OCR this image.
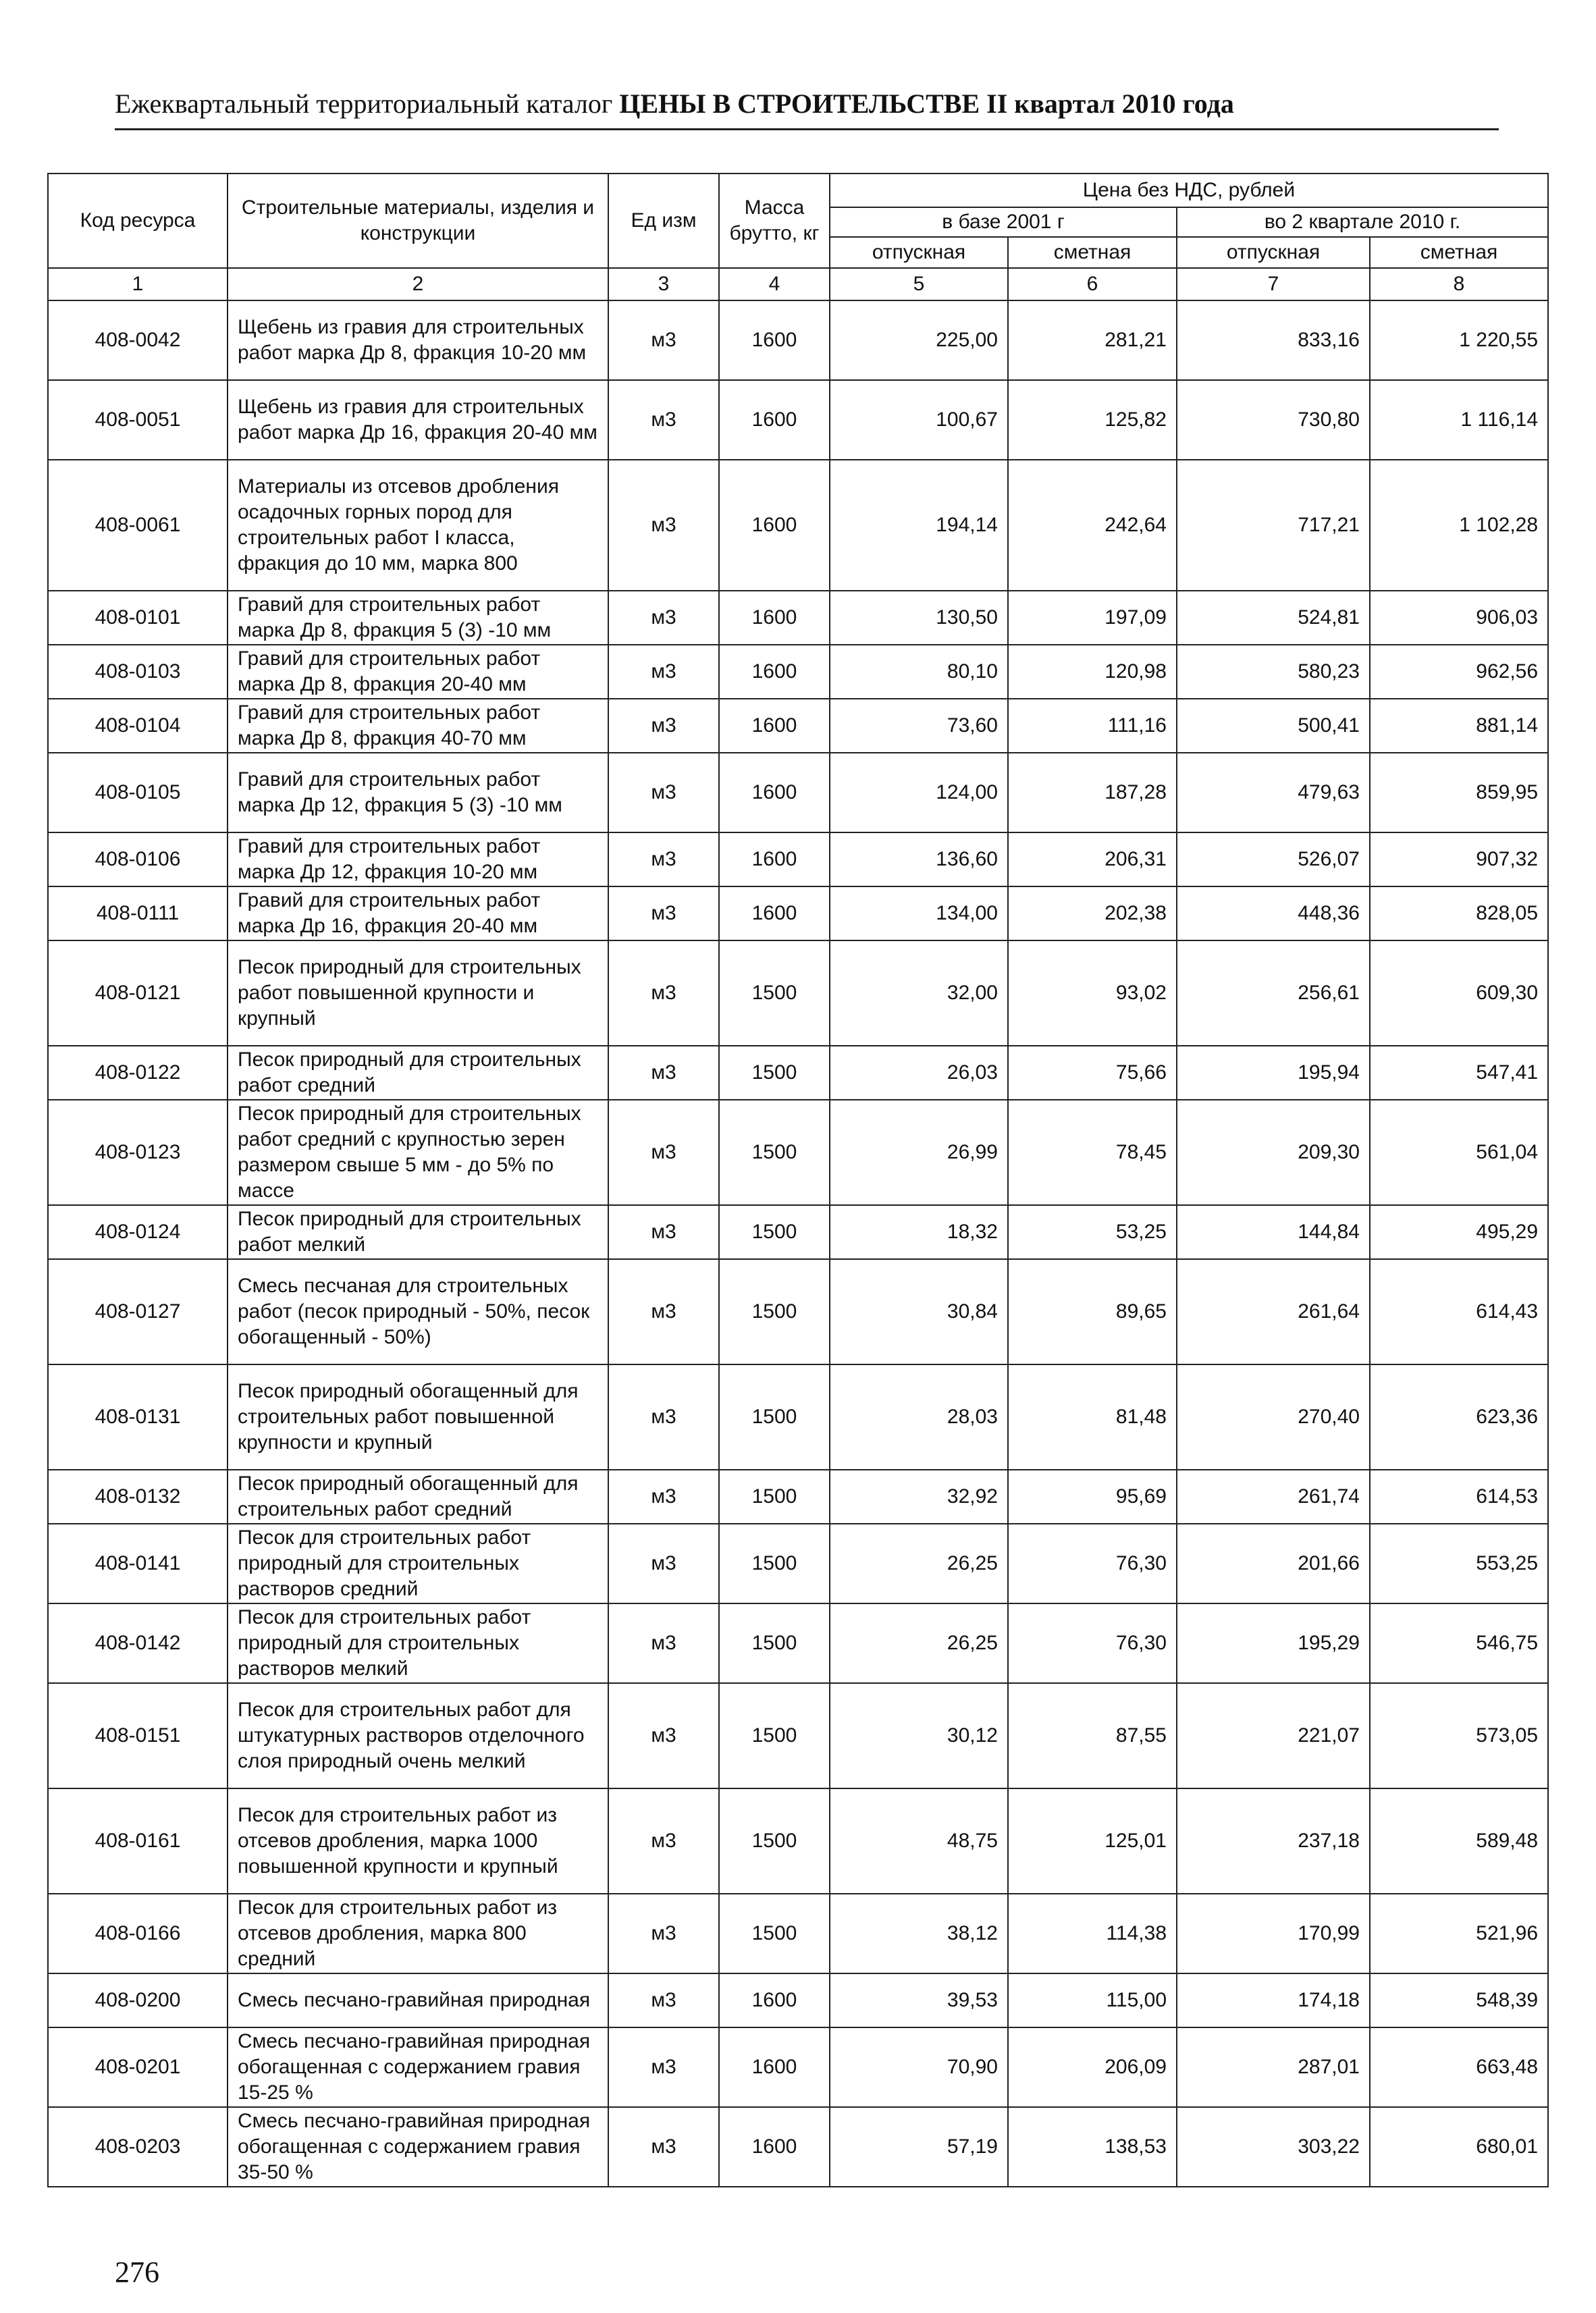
Ежеквартальный территориальный каталог ЦЕНЫ В СТРОИТЕЛЬСТВЕ II квартал 2010 года
Код ресурса	Строительные материалы, изделия и конструкции	Ед изм	Масса брутто, кг	Цена без НДС, рублей			
				в базе 2001 г		во 2 квартале 2010 г.	
				отпускная	сметная	отпускная	сметная
1	2	3	4	5	6	7	8
408-0042	Щебень из гравия для строительных работ марка Др 8, фракция 10-20 мм	м3	1600	225,00	281,21	833,16	1 220,55
408-0051	Щебень из гравия для строительных работ марка Др 16, фракция 20-40 мм	м3	1600	100,67	125,82	730,80	1 116,14
408-0061	Материалы из отсевов дробления осадочных горных пород для строительных работ I класса, фракция до 10 мм, марка 800	м3	1600	194,14	242,64	717,21	1 102,28
408-0101	Гравий для строительных работ марка Др 8, фракция 5 (3) -10 мм	м3	1600	130,50	197,09	524,81	906,03
408-0103	Гравий для строительных работ марка Др 8, фракция 20-40 мм	м3	1600	80,10	120,98	580,23	962,56
408-0104	Гравий для строительных работ марка Др 8, фракция 40-70 мм	м3	1600	73,60	111,16	500,41	881,14
408-0105	Гравий для строительных работ марка Др 12, фракция 5 (3) -10 мм	м3	1600	124,00	187,28	479,63	859,95
408-0106	Гравий для строительных работ марка Др 12, фракция 10-20 мм	м3	1600	136,60	206,31	526,07	907,32
408-0111	Гравий для строительных работ марка Др 16, фракция 20-40 мм	м3	1600	134,00	202,38	448,36	828,05
408-0121	Песок природный для строительных работ повышенной крупности и крупный	м3	1500	32,00	93,02	256,61	609,30
408-0122	Песок природный для строительных работ средний	м3	1500	26,03	75,66	195,94	547,41
408-0123	Песок природный для строительных работ средний с крупностью зерен размером свыше 5 мм - до 5% по массе	м3	1500	26,99	78,45	209,30	561,04
408-0124	Песок природный для строительных работ мелкий	м3	1500	18,32	53,25	144,84	495,29
408-0127	Смесь песчаная для строительных работ (песок природный - 50%, песок обогащенный - 50%)	м3	1500	30,84	89,65	261,64	614,43
408-0131	Песок природный обогащенный для строительных работ повышенной крупности и крупный	м3	1500	28,03	81,48	270,40	623,36
408-0132	Песок природный обогащенный для строительных работ средний	м3	1500	32,92	95,69	261,74	614,53
408-0141	Песок для строительных работ природный для строительных растворов средний	м3	1500	26,25	76,30	201,66	553,25
408-0142	Песок для строительных работ природный для строительных растворов мелкий	м3	1500	26,25	76,30	195,29	546,75
408-0151	Песок для строительных работ для штукатурных растворов отделочного слоя природный очень мелкий	м3	1500	30,12	87,55	221,07	573,05
408-0161	Песок для строительных работ из отсевов дробления, марка 1000 повышенной крупности и крупный	м3	1500	48,75	125,01	237,18	589,48
408-0166	Песок для строительных работ из отсевов дробления, марка 800 средний	м3	1500	38,12	114,38	170,99	521,96
408-0200	Смесь песчано-гравийная природная	м3	1600	39,53	115,00	174,18	548,39
408-0201	Смесь песчано-гравийная природная обогащенная с содержанием гравия 15-25 %	м3	1600	70,90	206,09	287,01	663,48
408-0203	Смесь песчано-гравийная природная обогащенная с содержанием гравия 35-50 %	м3	1600	57,19	138,53	303,22	680,01
276
